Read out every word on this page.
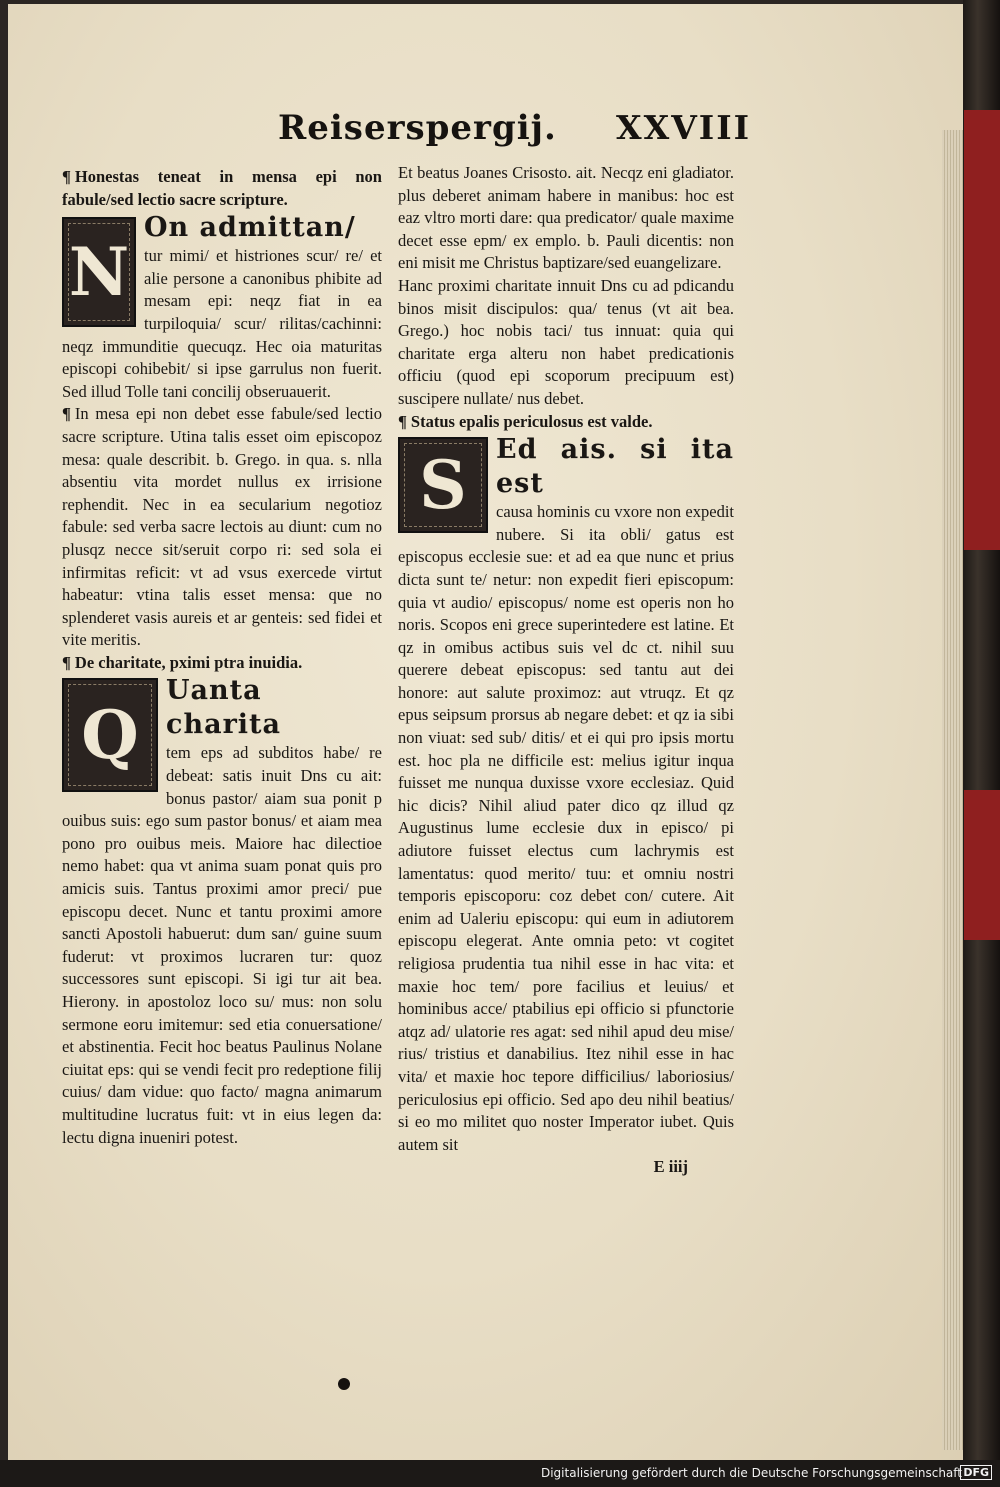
Reiserspergij. XXVIII

¶ Honestas teneat in mensa epi non fabule/sed lectio sacre scripture.

N
On admittan/

tur mimi/ et histriones scur/ re/ et alie persone a canonibus phibite ad mesam epi: neqz fiat in ea turpiloquia/ scur/ rilitas/cachinni: neqz immunditie quecuqz. Hec oia maturitas episcopi cohibebit/ si ipse garrulus non fuerit. Sed illud Tolle tani concilij obseruauerit.

¶ In mesa epi non debet esse fabule/sed lectio sacre scripture. Utina talis esset oim episcopoz mesa: quale describit. b. Grego. in qua. s. nlla absentiu vita mordet nullus ex irrisione rephendit. Nec in ea secularium negotioz fabule: sed verba sacre lectois au diunt: cum no plusqz necce sit/seruit corpo ri: sed sola ei infirmitas reficit: vt ad vsus exercede virtut habeatur: vtina talis esset mensa: que no splenderet vasis aureis et ar genteis: sed fidei et vite meritis.

¶ De charitate, pximi ptra inuidia.

Q
Uanta charita

tem eps ad subditos habe/ re debeat: satis inuit Dns cu ait: bonus pastor/ aiam sua ponit p ouibus suis: ego sum pastor bonus/ et aiam mea pono pro ouibus meis. Maiore hac dilectioe nemo habet: qua vt anima suam ponat quis pro amicis suis. Tantus proximi amor preci/ pue episcopu decet. Nunc et tantu proximi amore sancti Apostoli habuerut: dum san/ guine suum fuderut: vt proximos lucraren tur: quoz successores sunt episcopi. Si igi tur ait bea. Hierony. in apostoloz loco su/ mus: non solu sermone eoru imitemur: sed etia conuersatione/ et abstinentia. Fecit hoc beatus Paulinus Nolane ciuitat eps: qui se vendi fecit pro redeptione filij cuius/ dam vidue: quo facto/ magna animarum multitudine lucratus fuit: vt in eius legen da: lectu digna inueniri potest.

Et beatus Joanes Crisosto. ait. Necqz eni gladiator. plus deberet animam habere in manibus: hoc est eaz vltro morti dare: qua predicator/ quale maxime decet esse epm/ ex emplo. b. Pauli dicentis: non eni misit me Christus baptizare/sed euangelizare.

Hanc proximi charitate innuit Dns cu ad pdicandu binos misit discipulos: qua/ tenus (vt ait bea. Grego.) hoc nobis taci/ tus innuat: quia qui charitate erga alteru non habet predicationis officiu (quod epi scoporum precipuum est) suscipere nullate/ nus debet.

¶ Status epalis periculosus est valde.

S	Ed ais. si ita est

causa hominis cu vxore non expedit nubere. Si ita obli/ gatus est episcopus ecclesie sue: et ad ea que nunc et prius dicta sunt te/ netur: non expedit fieri episcopum: quia vt audio/ episcopus/ nome est operis non ho noris. Scopos eni grece superintedere est latine. Et qz in omibus actibus suis vel dc ct. nihil suu querere debeat episcopus: sed tantu aut dei honore: aut salute proximoz: aut vtruqz. Et qz epus seipsum prorsus ab negare debet: et qz ia sibi non viuat: sed sub/ ditis/ et ei qui pro ipsis mortu est. hoc pla ne difficile est: melius igitur inqua fuisset me nunqua duxisse vxore ecclesiaz. Quid hic dicis? Nihil aliud pater dico qz illud qz Augustinus lume ecclesie dux in episco/ pi adiutore fuisset electus cum lachrymis est lamentatus: quod merito/ tuu: et omniu nostri temporis episcoporu: coz debet con/ cutere. Ait enim ad Ualeriu episcopu: qui eum in adiutorem episcopu elegerat. Ante omnia peto: vt cogitet religiosa prudentia tua nihil esse in hac vita: et maxie hoc tem/ pore facilius et leuius/ et hominibus acce/ ptabilius epi officio si pfunctorie atqz ad/ ulatorie res agat: sed nihil apud deu mise/ rius/ tristius et danabilius. Itez nihil esse in hac vita/ et maxie hoc tepore difficilius/ laboriosius/ periculosius epi officio. Sed apo deu nihil beatius/ si eo mo militet quo noster Imperator iubet. Quis autem sit

E iiij

Digitalisierung gefördert durch die Deutsche Forschungsgemeinschaft DFG
